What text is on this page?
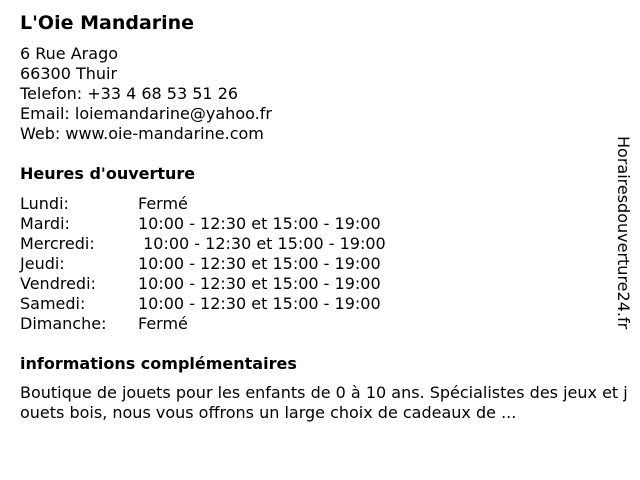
L'Oie Mandarine
6 Rue Arago
66300 Thuir
Telefon: +33 4 68 53 51 26
Email: loiemandarine@yahoo.fr
Web: www.oie-mandarine.com
Heures d'ouverture
Lundi:	Fermé
Mardi:	10:00 - 12:30 et 15:00 - 19:00
Mercredi:	10:00 - 12:30 et 15:00 - 19:00
Jeudi:	10:00 - 12:30 et 15:00 - 19:00
Vendredi:	10:00 - 12:30 et 15:00 - 19:00
Samedi:	10:00 - 12:30 et 15:00 - 19:00
Dimanche:	Fermé
informations complémentaires
Boutique de jouets pour les enfants de 0 à 10 ans. Spécialistes des jeux et jouets bois, nous vous offrons un large choix de cadeaux de ...
Horairesdouverture24.fr
